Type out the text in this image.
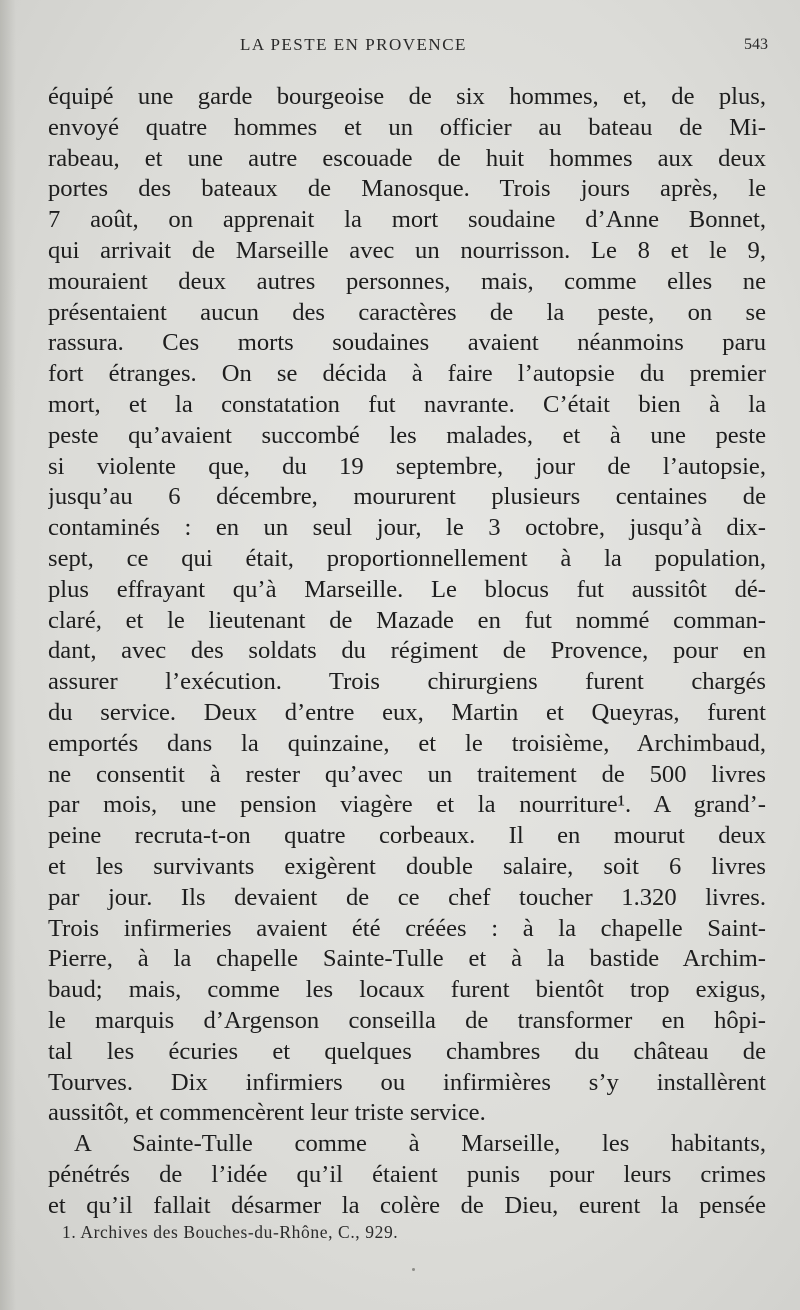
LA PESTE EN PROVENCE	543
équipé une garde bourgeoise de six hommes, et, de plus,
envoyé quatre hommes et un officier au bateau de Mi-
rabeau, et une autre escouade de huit hommes aux deux
portes des bateaux de Manosque. Trois jours après, le
7 août, on apprenait la mort soudaine d’Anne Bonnet,
qui arrivait de Marseille avec un nourrisson. Le 8 et le 9,
mouraient deux autres personnes, mais, comme elles ne
présentaient aucun des caractères de la peste, on se
rassura. Ces morts soudaines avaient néanmoins paru
fort étranges. On se décida à faire l’autopsie du premier
mort, et la constatation fut navrante. C’était bien à la
peste qu’avaient succombé les malades, et à une peste
si violente que, du 19 septembre, jour de l’autopsie,
jusqu’au 6 décembre, moururent plusieurs centaines de
contaminés : en un seul jour, le 3 octobre, jusqu’à dix-
sept, ce qui était, proportionnellement à la population,
plus effrayant qu’à Marseille. Le blocus fut aussitôt dé-
claré, et le lieutenant de Mazade en fut nommé comman-
dant, avec des soldats du régiment de Provence, pour en
assurer l’exécution. Trois chirurgiens furent chargés
du service. Deux d’entre eux, Martin et Queyras, furent
emportés dans la quinzaine, et le troisième, Archimbaud,
ne consentit à rester qu’avec un traitement de 500 livres
par mois, une pension viagère et la nourriture¹. A grand’-
peine recruta-t-on quatre corbeaux. Il en mourut deux
et les survivants exigèrent double salaire, soit 6 livres
par jour. Ils devaient de ce chef toucher 1.320 livres.
Trois infirmeries avaient été créées : à la chapelle Saint-
Pierre, à la chapelle Sainte-Tulle et à la bastide Archim-
baud; mais, comme les locaux furent bientôt trop exigus,
le marquis d’Argenson conseilla de transformer en hôpi-
tal les écuries et quelques chambres du château de
Tourves. Dix infirmiers ou infirmières s’y installèrent
aussitôt, et commencèrent leur triste service.
A Sainte-Tulle comme à Marseille, les habitants,
pénétrés de l’idée qu’il étaient punis pour leurs crimes
et qu’il fallait désarmer la colère de Dieu, eurent la pensée
1. Archives des Bouches-du-Rhône, C., 929.
